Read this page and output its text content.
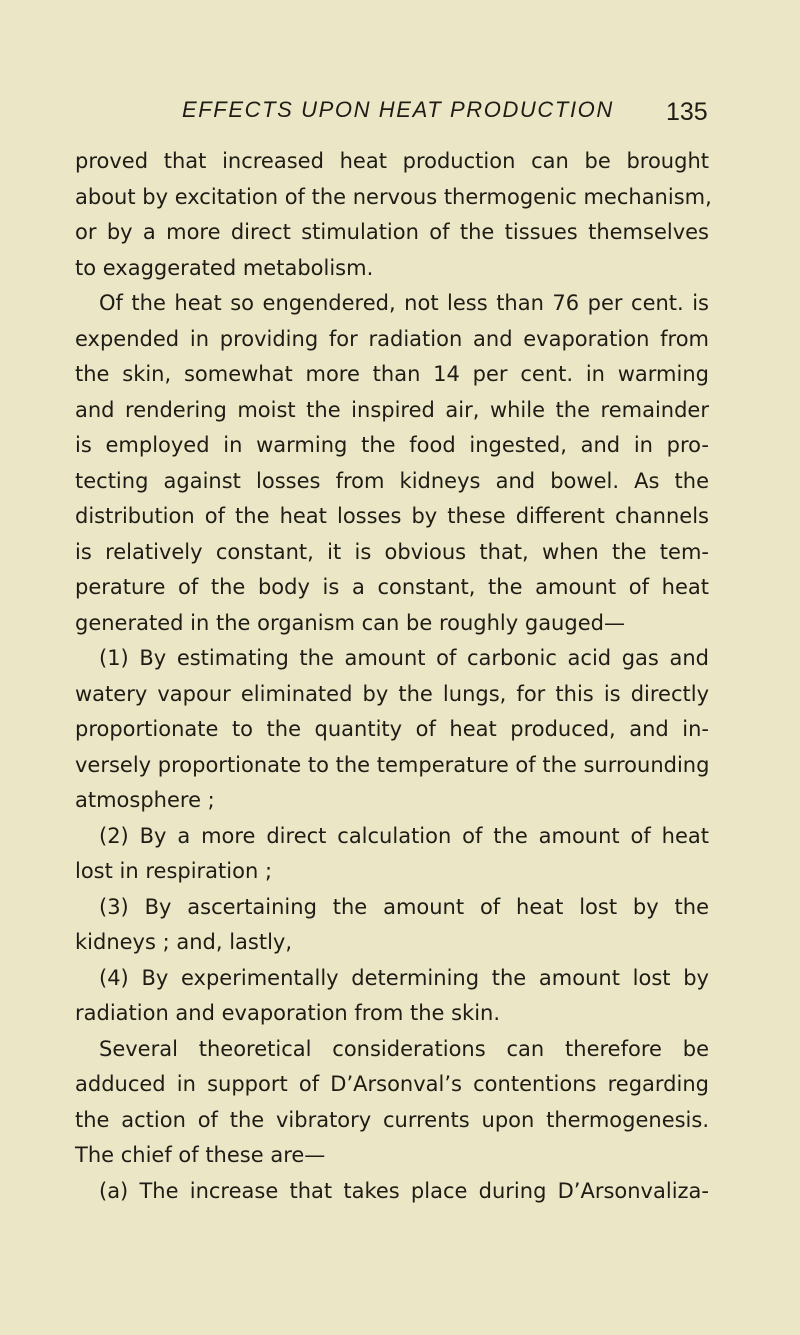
EFFECTS UPON HEAT PRODUCTION 135
proved that increased heat production can be brought
about by excitation of the nervous thermogenic mechanism,
or by a more direct stimulation of the tissues themselves
to exaggerated metabolism.
Of the heat so engendered, not less than 76 per cent. is
expended in providing for radiation and evaporation from
the skin, somewhat more than 14 per cent. in warming
and rendering moist the inspired air, while the remainder
is employed in warming the food ingested, and in pro-
tecting against losses from kidneys and bowel. As the
distribution of the heat losses by these different channels
is relatively constant, it is obvious that, when the tem-
perature of the body is a constant, the amount of heat
generated in the organism can be roughly gauged—
(1) By estimating the amount of carbonic acid gas and
watery vapour eliminated by the lungs, for this is directly
proportionate to the quantity of heat produced, and in-
versely proportionate to the temperature of the surrounding
atmosphere ;
(2) By a more direct calculation of the amount of heat
lost in respiration ;
(3) By ascertaining the amount of heat lost by the
kidneys ; and, lastly,
(4) By experimentally determining the amount lost by
radiation and evaporation from the skin.
Several theoretical considerations can therefore be
adduced in support of D’Arsonval’s contentions regarding
the action of the vibratory currents upon thermogenesis.
The chief of these are—
(a) The increase that takes place during D’Arsonvaliza-
